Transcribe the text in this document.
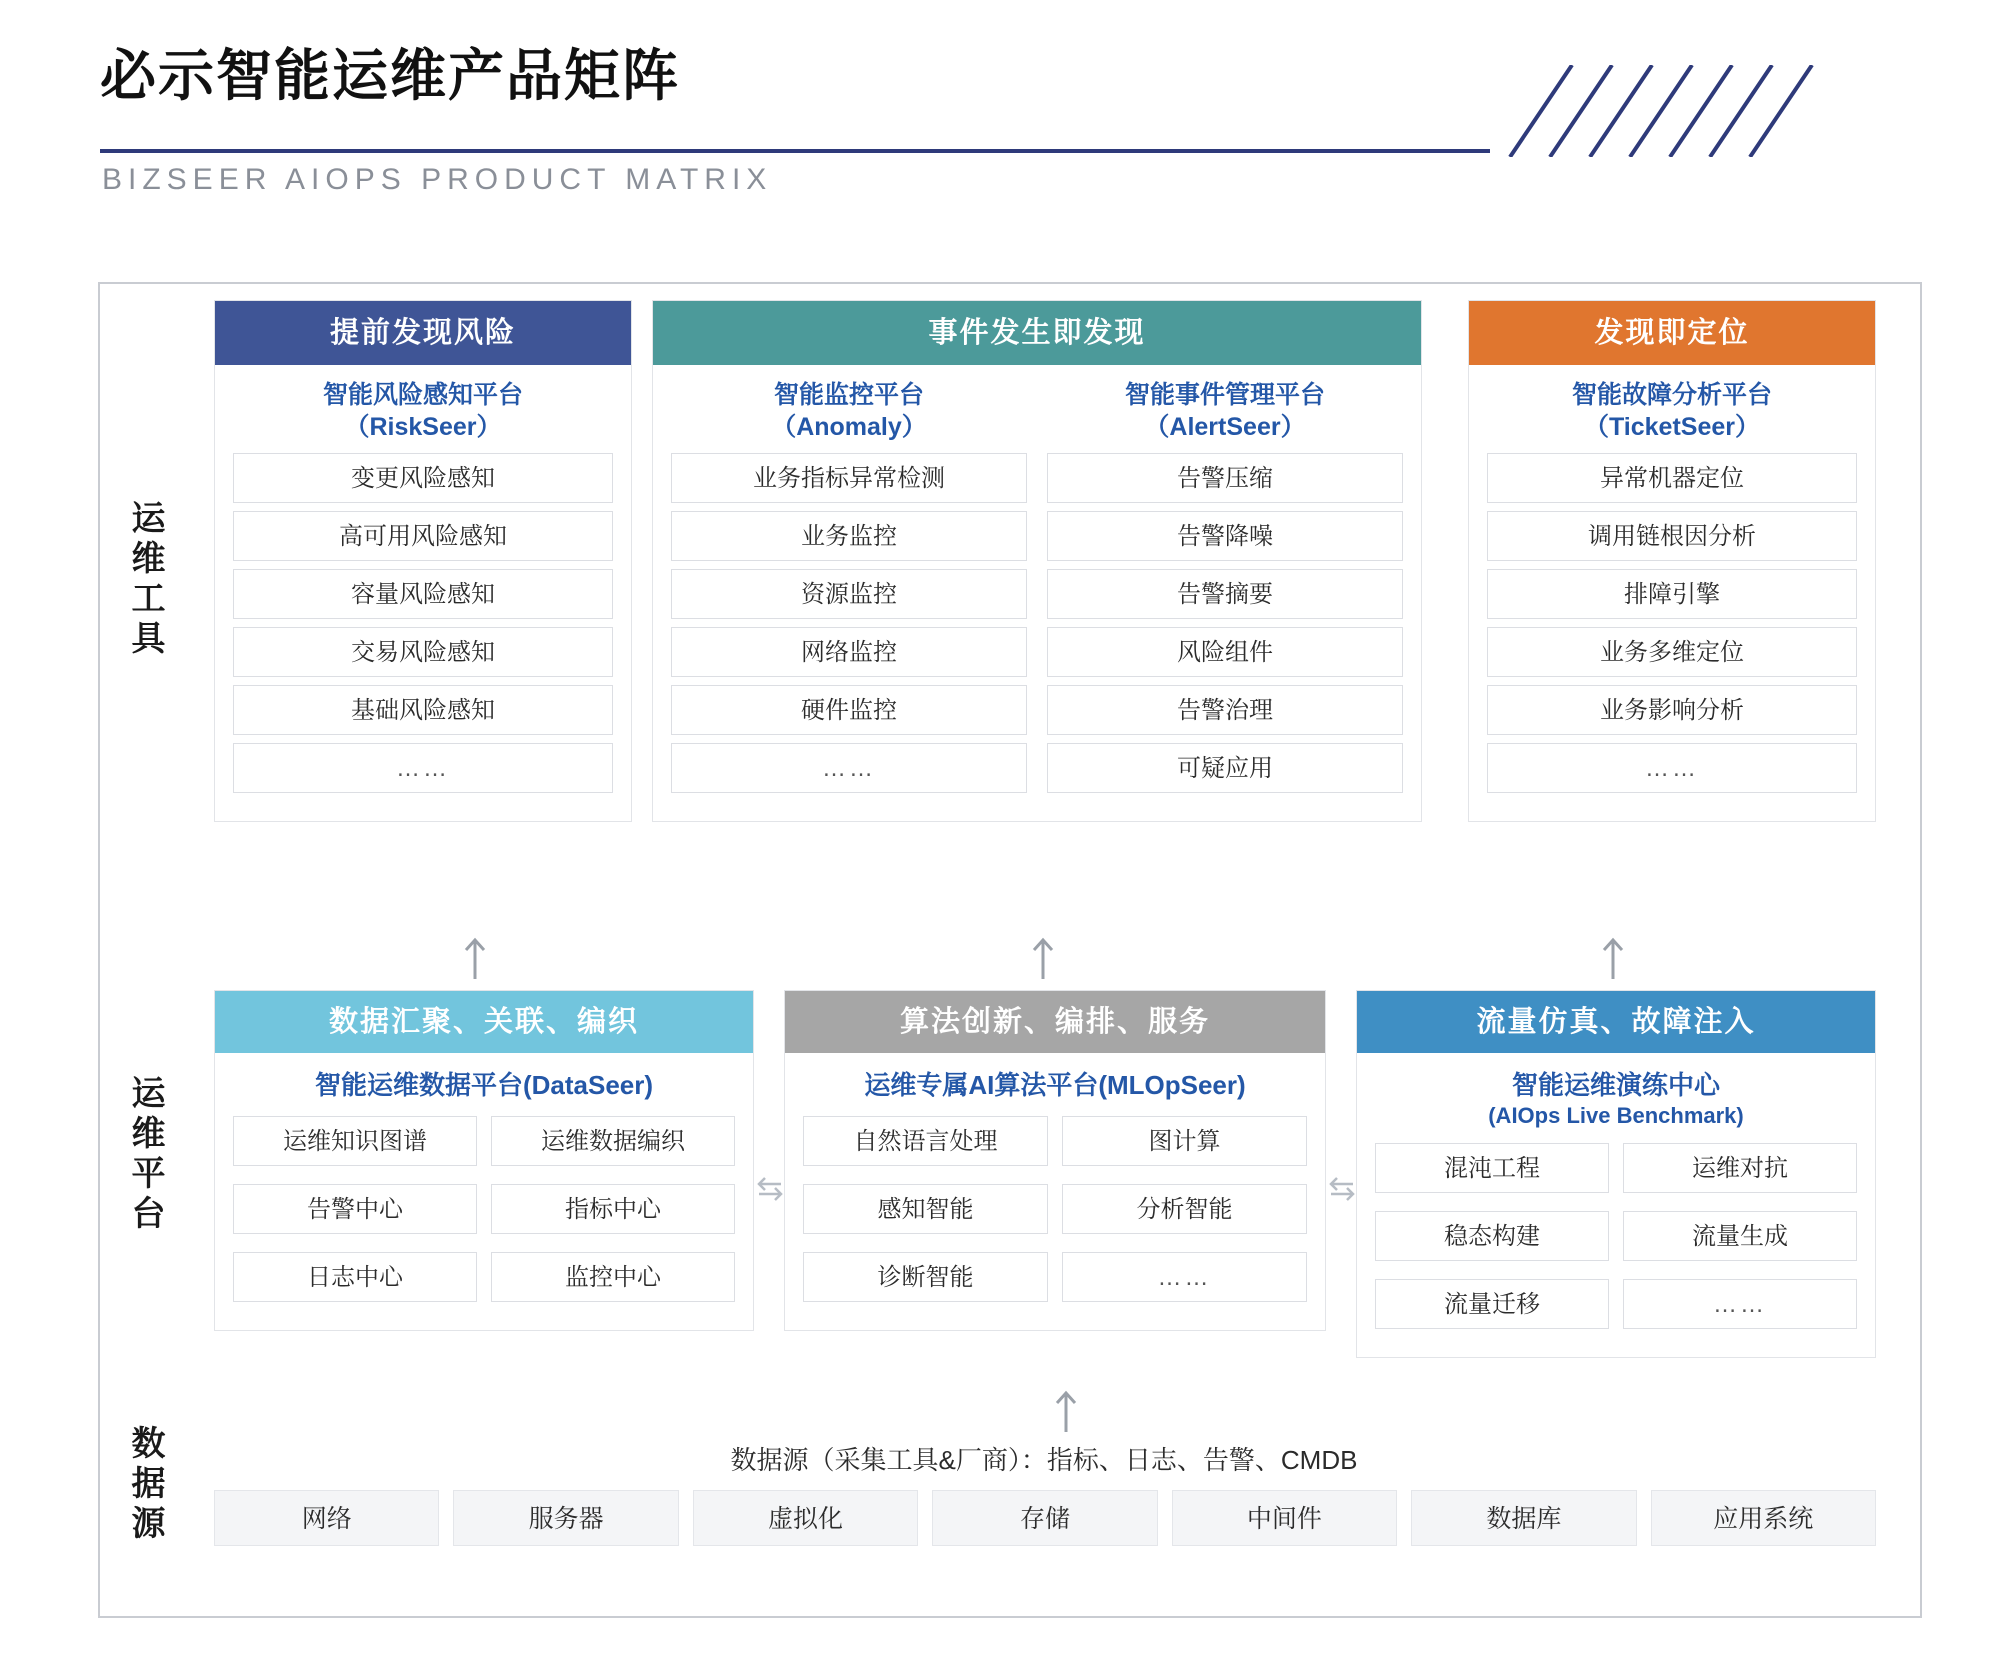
必示智能运维产品矩阵
BIZSEER AIOPS PRODUCT MATRIX
运维工具
运维平台
数据源
提前发现风险
智能风险感知平台
（RiskSeer）
变更风险感知
高可用风险感知
容量风险感知
交易风险感知
基础风险感知
……
事件发生即发现
智能监控平台
（Anomaly）
业务指标异常检测
业务监控
资源监控
网络监控
硬件监控
……
智能事件管理平台
（AlertSeer）
告警压缩
告警降噪
告警摘要
风险组件
告警治理
可疑应用
发现即定位
智能故障分析平台
（TicketSeer）
异常机器定位
调用链根因分析
排障引擎
业务多维定位
业务影响分析
……
数据汇聚、关联、编织
智能运维数据平台(DataSeer)
运维知识图谱	运维数据编织
告警中心	指标中心
日志中心	监控中心
算法创新、编排、服务
运维专属AI算法平台(MLOpSeer)
自然语言处理	图计算
感知智能	分析智能
诊断智能	……
流量仿真、故障注入
智能运维演练中心
(AIOps Live Benchmark)
混沌工程	运维对抗
稳态构建	流量生成
流量迁移	……
数据源（采集工具&厂商）：指标、日志、告警、CMDB
网络	服务器	虚拟化	存储	中间件	数据库	应用系统
